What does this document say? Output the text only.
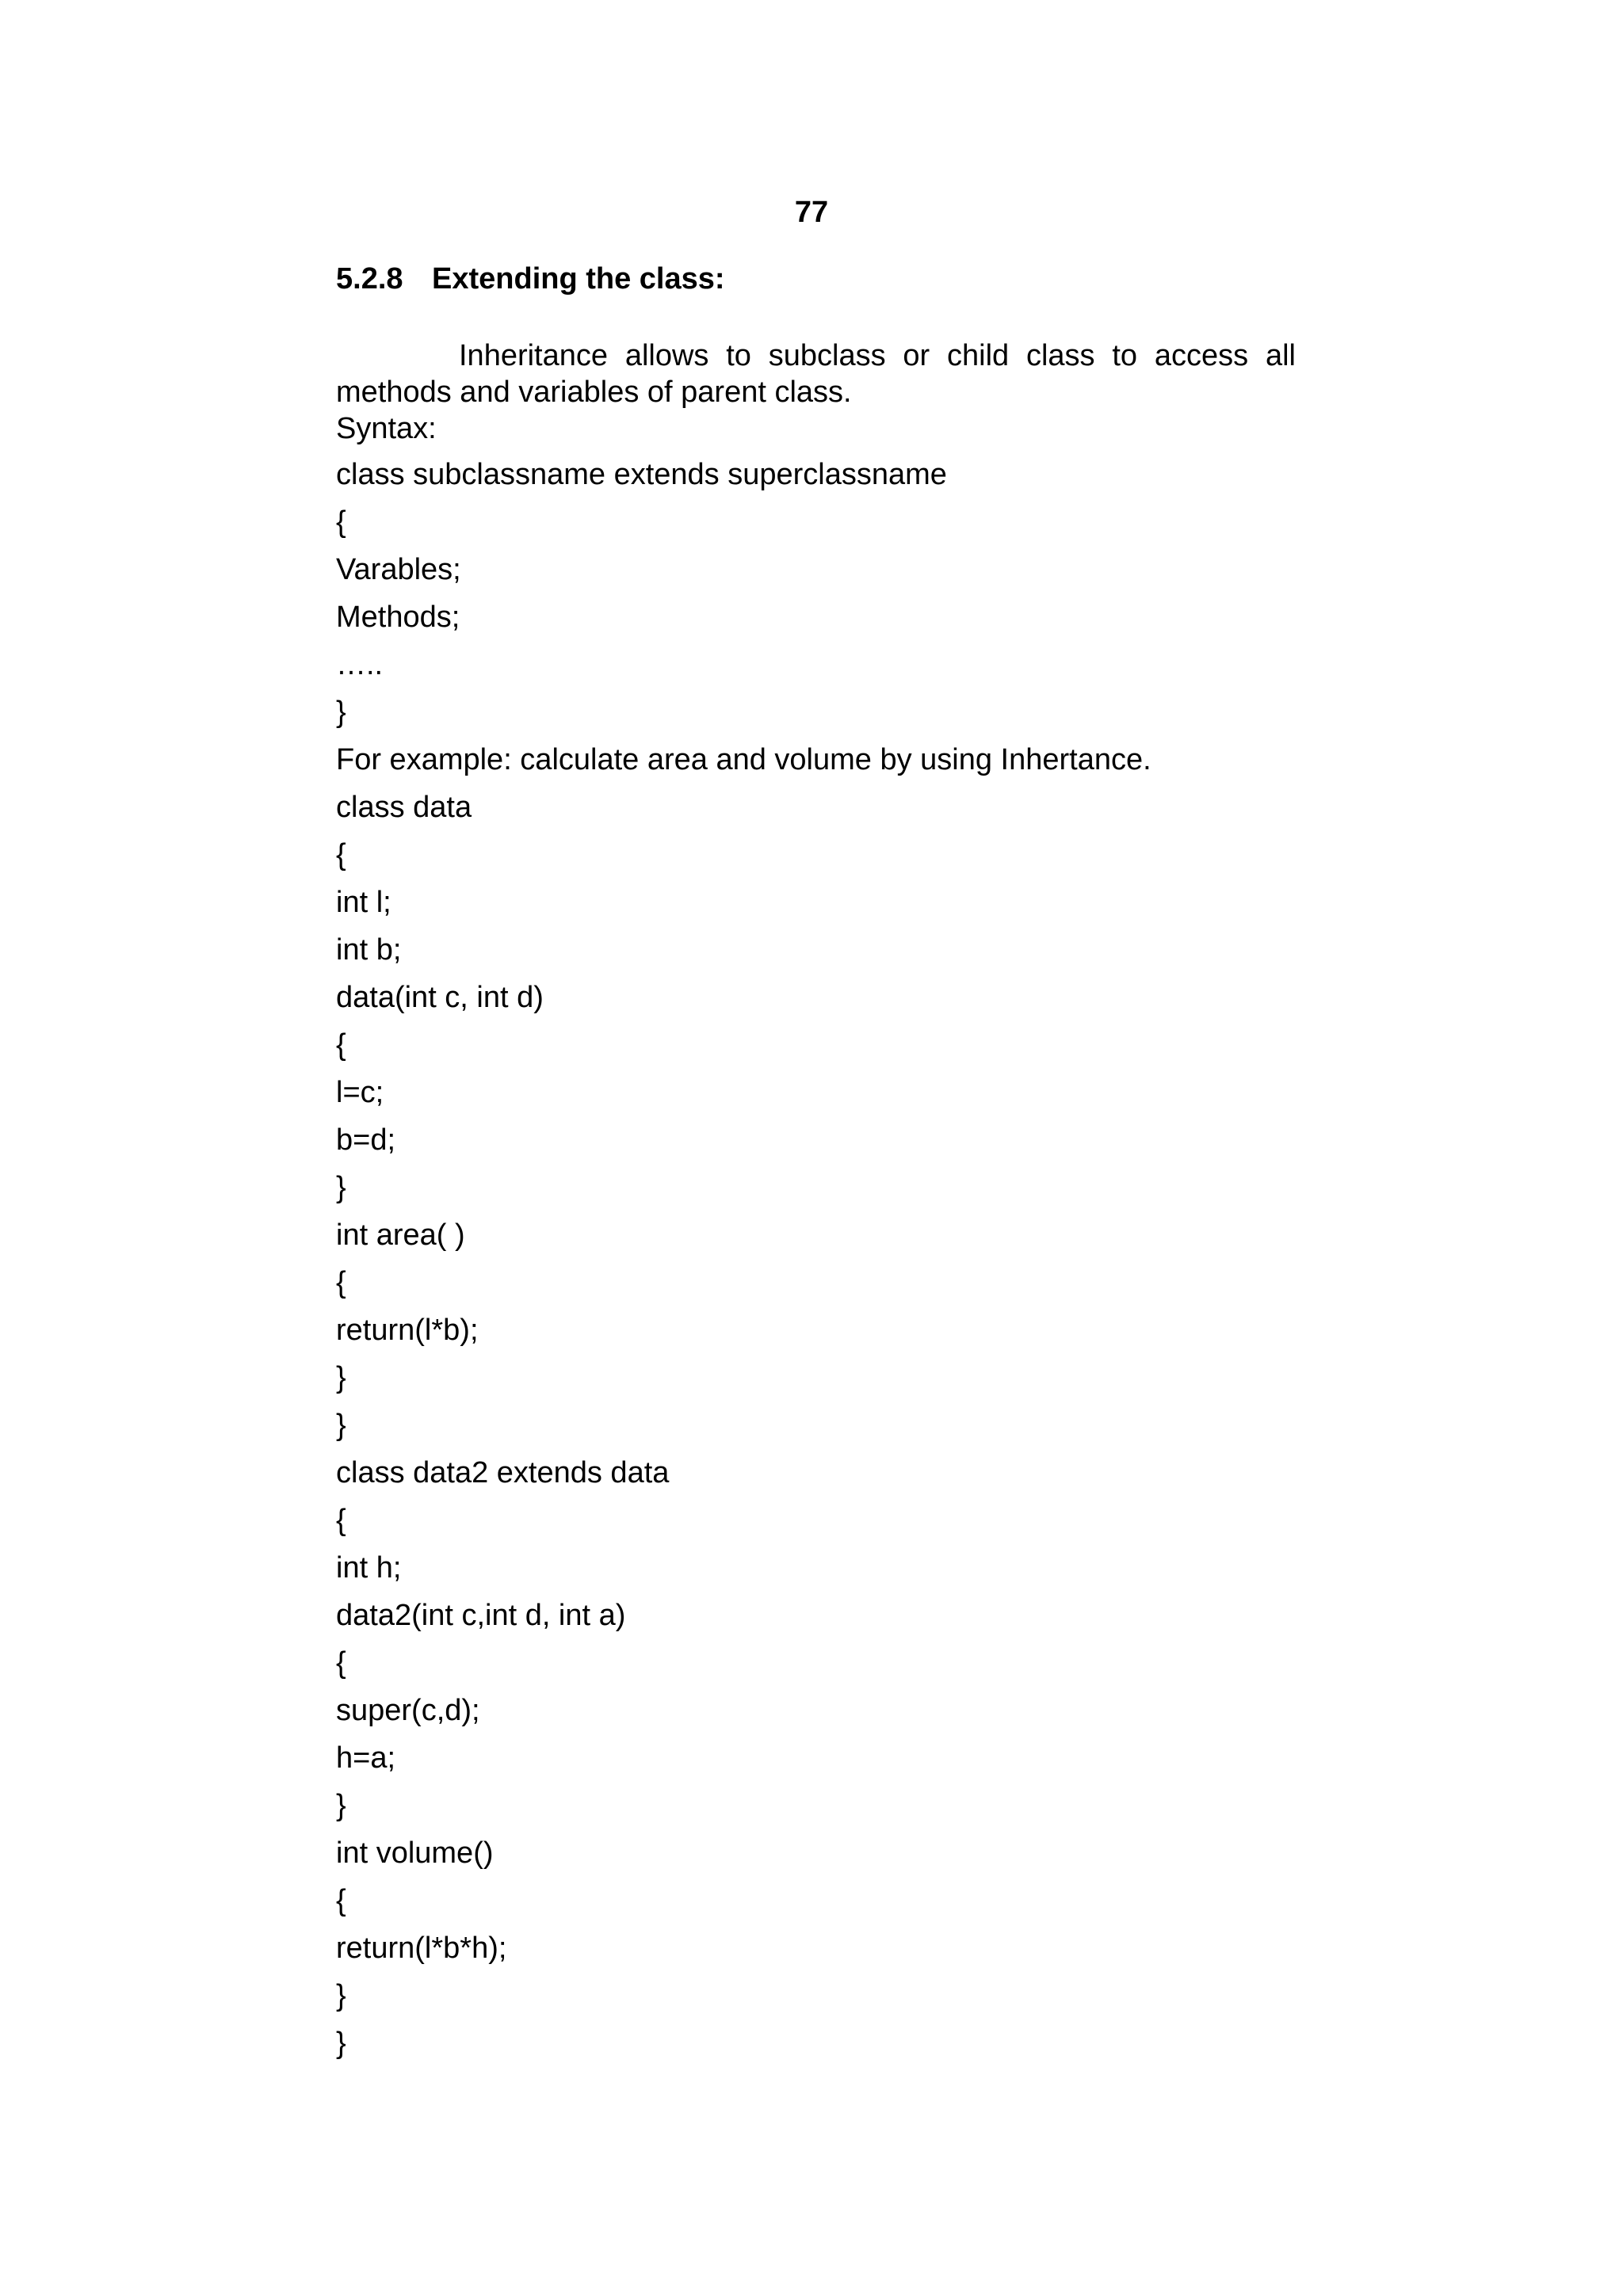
77
5.2.8 Extending the class:

Inheritance allows to subclass or child class to access all methods and variables of parent class.

Syntax:
class subclassname extends superclassname
{
Varables;
Methods;
…..
}
For example: calculate area and volume by using Inhertance.
class data
{
int l;
int b;
data(int c, int d)
{
l=c;
b=d;
}
int area( )
{
return(l*b);
}
}
class data2 extends data
{
int h;
data2(int c,int d, int a)
{
super(c,d);
h=a;
}
int volume()
{
return(l*b*h);
}
}
